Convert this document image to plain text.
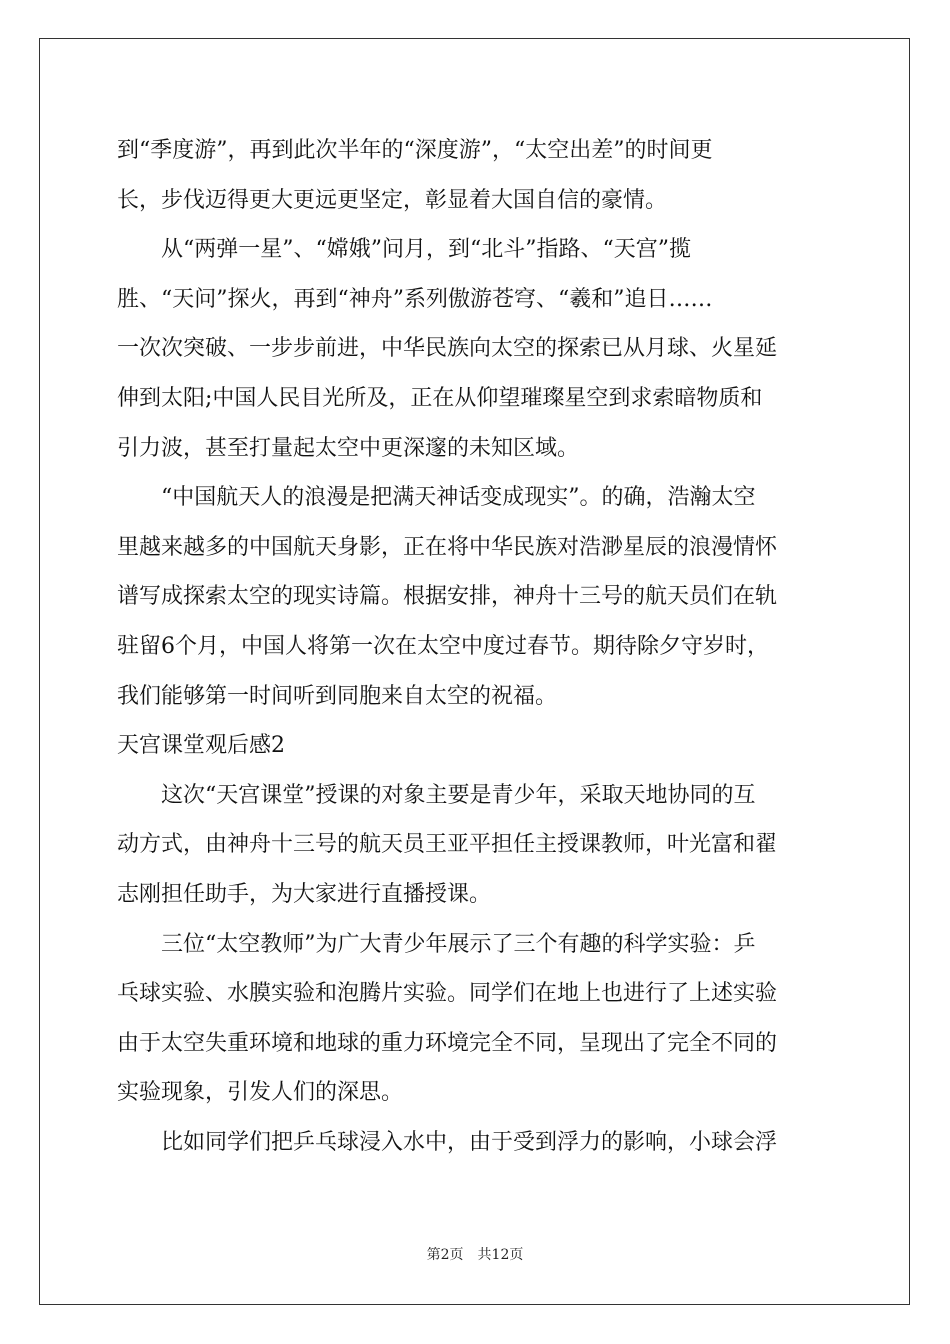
到“季度游”，再到此次半年的“深度游”，“太空出差”的时间更
长，步伐迈得更大更远更坚定，彰显着大国自信的豪情。
　　从“两弹一星”、“嫦娥”问月，到“北斗”指路、“天宫”揽
胜、“天问”探火，再到“神舟”系列傲游苍穹、“羲和”追日……
一次次突破、一步步前进，中华民族向太空的探索已从月球、火星延
伸到太阳;中国人民目光所及，正在从仰望璀璨星空到求索暗物质和
引力波，甚至打量起太空中更深邃的未知区域。
　　“中国航天人的浪漫是把满天神话变成现实”。的确，浩瀚太空
里越来越多的中国航天身影，正在将中华民族对浩渺星辰的浪漫情怀
谱写成探索太空的现实诗篇。根据安排，神舟十三号的航天员们在轨
驻留6个月，中国人将第一次在太空中度过春节。期待除夕守岁时，
我们能够第一时间听到同胞来自太空的祝福。
天宫课堂观后感2
　　这次“天宫课堂”授课的对象主要是青少年，采取天地协同的互
动方式，由神舟十三号的航天员王亚平担任主授课教师，叶光富和翟
志刚担任助手，为大家进行直播授课。
　　三位“太空教师”为广大青少年展示了三个有趣的科学实验：乒
乓球实验、水膜实验和泡腾片实验。同学们在地上也进行了上述实验
由于太空失重环境和地球的重力环境完全不同，呈现出了完全不同的
实验现象，引发人们的深思。
　　比如同学们把乒乓球浸入水中，由于受到浮力的影响，小球会浮
第2页　共12页
